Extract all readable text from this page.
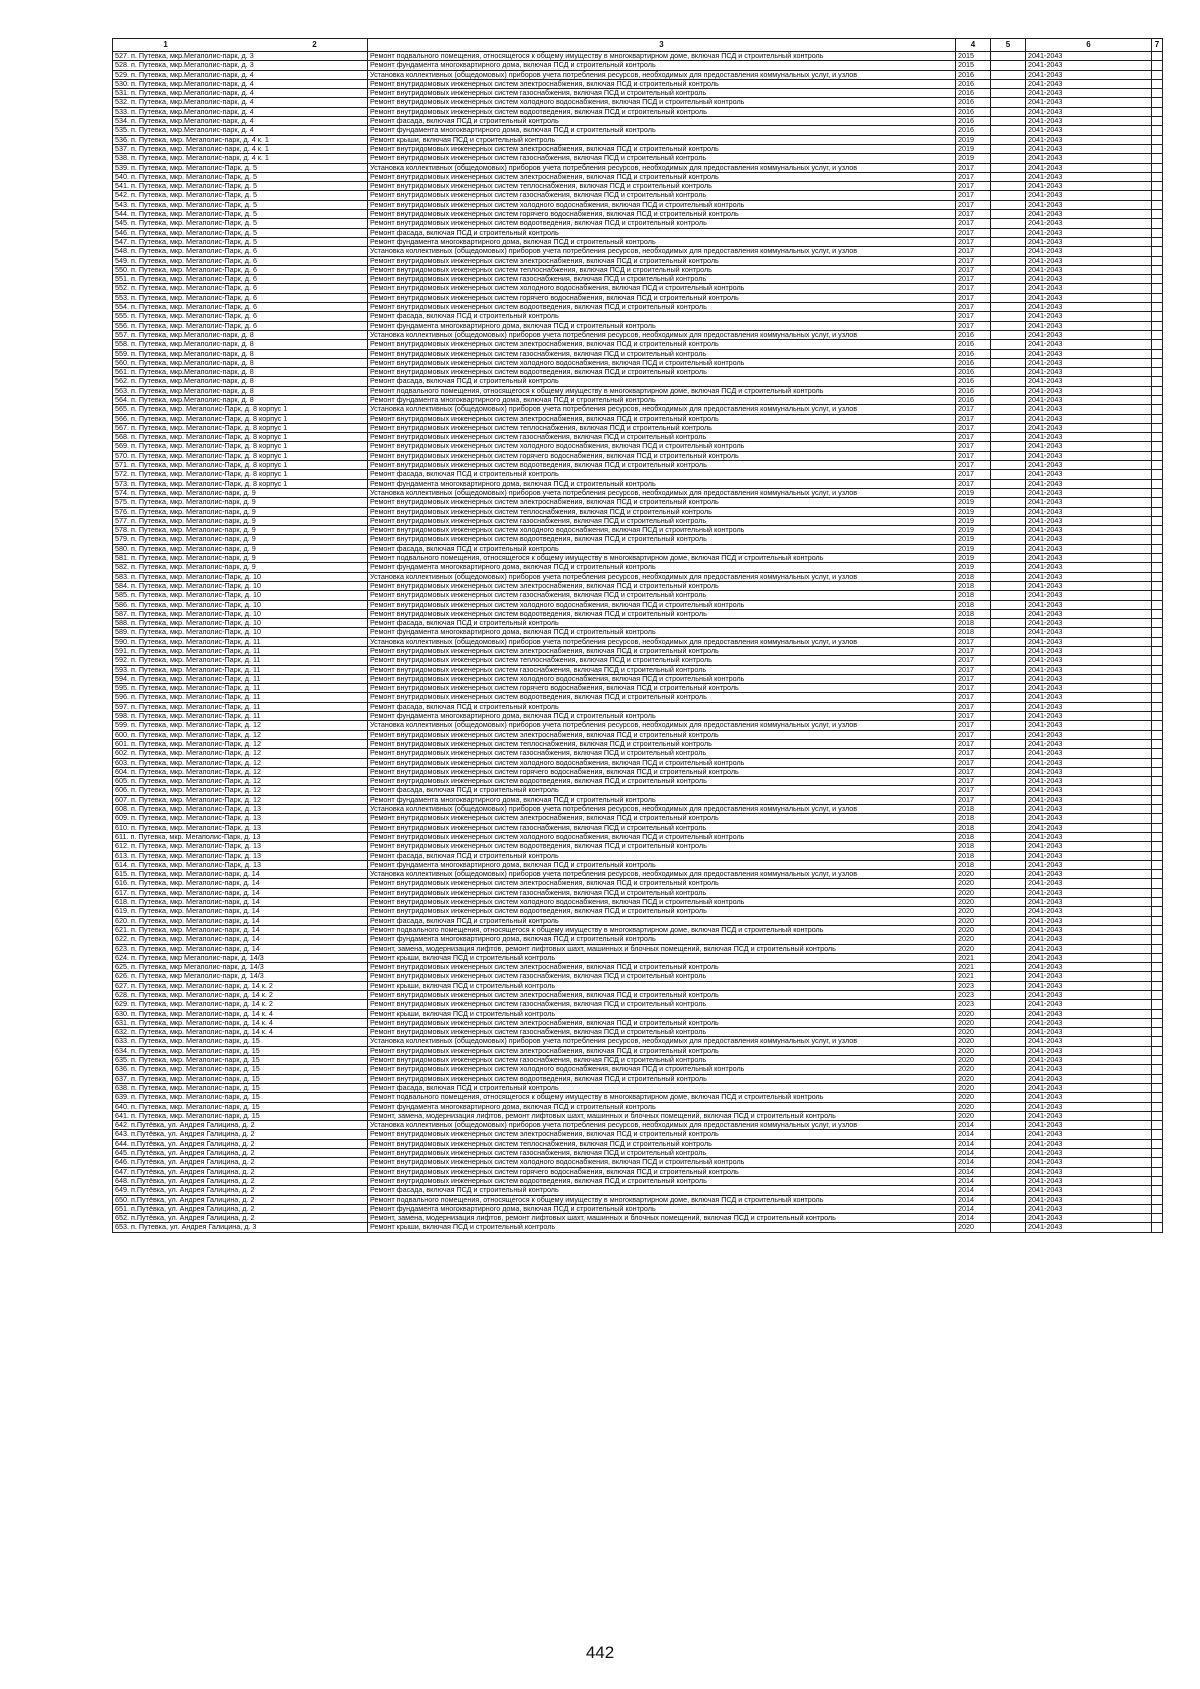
1 2	3	4	5	6	7
527. п. Путевка, мкр.Мегаполис-парк, д. 3	Ремонт подвального помещения, относящегося к общему имуществу в многоквартирном доме, включая ПСД и строительный контроль	2015		2041-2043	
528. п. Путевка, мкр.Мегаполис-парк, д. 3	Ремонт фундамента многоквартирного дома, включая ПСД и строительный контроль	2015		2041-2043	
529. п. Путевка, мкр.Мегаполис-парк, д. 4	Установка коллективных (общедомовых) приборов учета потребления ресурсов, необходимых для предоставления коммунальных услуг, и узлов	2016		2041-2043	
530. п. Путевка, мкр.Мегаполис-парк, д. 4	Ремонт внутридомовых инженерных систем электроснабжения, включая ПСД и строительный контроль	2016		2041-2043	
531. п. Путевка, мкр.Мегаполис-парк, д. 4	Ремонт внутридомовых инженерных систем газоснабжения, включая ПСД и строительный контроль	2016		2041-2043	
532. п. Путевка, мкр.Мегаполис-парк, д. 4	Ремонт внутридомовых инженерных систем холодного водоснабжения, включая ПСД и строительный контроль	2016		2041-2043	
533. п. Путевка, мкр.Мегаполис-парк, д. 4	Ремонт внутридомовых инженерных систем водоотведения, включая ПСД и строительный контроль	2016		2041-2043	
534. п. Путевка, мкр.Мегаполис-парк, д. 4	Ремонт фасада, включая ПСД и строительный контроль	2016		2041-2043	
535. п. Путевка, мкр.Мегаполис-парк, д. 4	Ремонт фундамента многоквартирного дома, включая ПСД и строительный контроль	2016		2041-2043	
536. п. Путевка, мкр. Мегаполис-парк, д. 4 к. 1	Ремонт крыши, включая ПСД и строительный контроль	2019		2041-2043	
537. п. Путевка, мкр. Мегаполис-парк, д. 4 к. 1	Ремонт внутридомовых инженерных систем электроснабжения, включая ПСД и строительный контроль	2019		2041-2043	
538. п. Путевка, мкр. Мегаполис-парк, д. 4 к. 1	Ремонт внутридомовых инженерных систем газоснабжения, включая ПСД и строительный контроль	2019		2041-2043	
539. п. Путевка, мкр. Мегаполис-Парк, д. 5	Установка коллективных (общедомовых) приборов учета потребления ресурсов, необходимых для предоставления коммунальных услуг, и узлов	2017		2041-2043	
540. п. Путевка, мкр. Мегаполис-Парк, д. 5	Ремонт внутридомовых инженерных систем электроснабжения, включая ПСД и строительный контроль	2017		2041-2043	
541. п. Путевка, мкр. Мегаполис-Парк, д. 5	Ремонт внутридомовых инженерных систем теплоснабжения, включая ПСД и строительный контроль	2017		2041-2043	
542. п. Путевка, мкр. Мегаполис-Парк, д. 5	Ремонт внутридомовых инженерных систем газоснабжения, включая ПСД и строительный контроль	2017		2041-2043	
543. п. Путевка, мкр. Мегаполис-Парк, д. 5	Ремонт внутридомовых инженерных систем холодного водоснабжения, включая ПСД и строительный контроль	2017		2041-2043	
544. п. Путевка, мкр. Мегаполис-Парк, д. 5	Ремонт внутридомовых инженерных систем горячего водоснабжения, включая ПСД и строительный контроль	2017		2041-2043	
545. п. Путевка, мкр. Мегаполис-Парк, д. 5	Ремонт внутридомовых инженерных систем водоотведения, включая ПСД и строительный контроль	2017		2041-2043	
546. п. Путевка, мкр. Мегаполис-Парк, д. 5	Ремонт фасада, включая ПСД и строительный контроль	2017		2041-2043	
547. п. Путевка, мкр. Мегаполис-Парк, д. 5	Ремонт фундамента многоквартирного дома, включая ПСД и строительный контроль	2017		2041-2043	
548. п. Путевка, мкр. Мегаполис-Парк, д. 6	Установка коллективных (общедомовых) приборов учета потребления ресурсов, необходимых для предоставления коммунальных услуг, и узлов	2017		2041-2043	
549. п. Путевка, мкр. Мегаполис-Парк, д. 6	Ремонт внутридомовых инженерных систем электроснабжения, включая ПСД и строительный контроль	2017		2041-2043	
550. п. Путевка, мкр. Мегаполис-Парк, д. 6	Ремонт внутридомовых инженерных систем теплоснабжения, включая ПСД и строительный контроль	2017		2041-2043	
551. п. Путевка, мкр. Мегаполис-Парк, д. 6	Ремонт внутридомовых инженерных систем газоснабжения, включая ПСД и строительный контроль	2017		2041-2043	
552. п. Путевка, мкр. Мегаполис-Парк, д. 6	Ремонт внутридомовых инженерных систем холодного водоснабжения, включая ПСД и строительный контроль	2017		2041-2043	
553. п. Путевка, мкр. Мегаполис-Парк, д. 6	Ремонт внутридомовых инженерных систем горячего водоснабжения, включая ПСД и строительный контроль	2017		2041-2043	
554. п. Путевка, мкр. Мегаполис-Парк, д. 6	Ремонт внутридомовых инженерных систем водоотведения, включая ПСД и строительный контроль	2017		2041-2043	
555. п. Путевка, мкр. Мегаполис-Парк, д. 6	Ремонт фасада, включая ПСД и строительный контроль	2017		2041-2043	
556. п. Путевка, мкр. Мегаполис-Парк, д. 6	Ремонт фундамента многоквартирного дома, включая ПСД и строительный контроль	2017		2041-2043	
557. п. Путевка, мкр.Мегаполис-парк, д. 8	Установка коллективных (общедомовых) приборов учета потребления ресурсов, необходимых для предоставления коммунальных услуг, и узлов	2016		2041-2043	
558. п. Путевка, мкр.Мегаполис-парк, д. 8	Ремонт внутридомовых инженерных систем электроснабжения, включая ПСД и строительный контроль	2016		2041-2043	
559. п. Путевка, мкр.Мегаполис-парк, д. 8	Ремонт внутридомовых инженерных систем газоснабжения, включая ПСД и строительный контроль	2016		2041-2043	
560. п. Путевка, мкр.Мегаполис-парк, д. 8	Ремонт внутридомовых инженерных систем холодного водоснабжения, включая ПСД и строительный контроль	2016		2041-2043	
561. п. Путевка, мкр.Мегаполис-парк, д. 8	Ремонт внутридомовых инженерных систем водоотведения, включая ПСД и строительный контроль	2016		2041-2043	
562. п. Путевка, мкр.Мегаполис-парк, д. 8	Ремонт фасада, включая ПСД и строительный контроль	2016		2041-2043	
563. п. Путевка, мкр.Мегаполис-парк, д. 8	Ремонт подвального помещения, относящегося к общему имуществу в многоквартирном доме, включая ПСД и строительный контроль	2016		2041-2043	
564. п. Путевка, мкр.Мегаполис-парк, д. 8	Ремонт фундамента многоквартирного дома, включая ПСД и строительный контроль	2016		2041-2043	
565. п. Путевка, мкр. Мегаполис-Парк, д. 8 корпус 1	Установка коллективных (общедомовых) приборов учета потребления ресурсов, необходимых для предоставления коммунальных услуг, и узлов	2017		2041-2043	
566. п. Путевка, мкр. Мегаполис-Парк, д. 8 корпус 1	Ремонт внутридомовых инженерных систем электроснабжения, включая ПСД и строительный контроль	2017		2041-2043	
567. п. Путевка, мкр. Мегаполис-Парк, д. 8 корпус 1	Ремонт внутридомовых инженерных систем теплоснабжения, включая ПСД и строительный контроль	2017		2041-2043	
568. п. Путевка, мкр. Мегаполис-Парк, д. 8 корпус 1	Ремонт внутридомовых инженерных систем газоснабжения, включая ПСД и строительный контроль	2017		2041-2043	
569. п. Путевка, мкр. Мегаполис-Парк, д. 8 корпус 1	Ремонт внутридомовых инженерных систем холодного водоснабжения, включая ПСД и строительный контроль	2017		2041-2043	
570. п. Путевка, мкр. Мегаполис-Парк, д. 8 корпус 1	Ремонт внутридомовых инженерных систем горячего водоснабжения, включая ПСД и строительный контроль	2017		2041-2043	
571. п. Путевка, мкр. Мегаполис-Парк, д. 8 корпус 1	Ремонт внутридомовых инженерных систем водоотведения, включая ПСД и строительный контроль	2017		2041-2043	
572. п. Путевка, мкр. Мегаполис-Парк, д. 8 корпус 1	Ремонт фасада, включая ПСД и строительный контроль	2017		2041-2043	
573. п. Путевка, мкр. Мегаполис-Парк, д. 8 корпус 1	Ремонт фундамента многоквартирного дома, включая ПСД и строительный контроль	2017		2041-2043	
574. п. Путевка, мкр. Мегаполис-парк, д. 9	Установка коллективных (общедомовых) приборов учета потребления ресурсов, необходимых для предоставления коммунальных услуг, и узлов	2019		2041-2043	
575. п. Путевка, мкр. Мегаполис-парк, д. 9	Ремонт внутридомовых инженерных систем электроснабжения, включая ПСД и строительный контроль	2019		2041-2043	
576. п. Путевка, мкр. Мегаполис-парк, д. 9	Ремонт внутридомовых инженерных систем теплоснабжения, включая ПСД и строительный контроль	2019		2041-2043	
577. п. Путевка, мкр. Мегаполис-парк, д. 9	Ремонт внутридомовых инженерных систем газоснабжения, включая ПСД и строительный контроль	2019		2041-2043	
578. п. Путевка, мкр. Мегаполис-парк, д. 9	Ремонт внутридомовых инженерных систем холодного водоснабжения, включая ПСД и строительный контроль	2019		2041-2043	
579. п. Путевка, мкр. Мегаполис-парк, д. 9	Ремонт внутридомовых инженерных систем водоотведения, включая ПСД и строительный контроль	2019		2041-2043	
580. п. Путевка, мкр. Мегаполис-парк, д. 9	Ремонт фасада, включая ПСД и строительный контроль	2019		2041-2043	
581. п. Путевка, мкр. Мегаполис-парк, д. 9	Ремонт подвального помещения, относящегося к общему имуществу в многоквартирном доме, включая ПСД и строительный контроль	2019		2041-2043	
582. п. Путевка, мкр. Мегаполис-парк, д. 9	Ремонт фундамента многоквартирного дома, включая ПСД и строительный контроль	2019		2041-2043	
583. п. Путевка, мкр. Мегаполис-Парк, д. 10	Установка коллективных (общедомовых) приборов учета потребления ресурсов, необходимых для предоставления коммунальных услуг, и узлов	2018		2041-2043	
584. п. Путевка, мкр. Мегаполис-Парк, д. 10	Ремонт внутридомовых инженерных систем электроснабжения, включая ПСД и строительный контроль	2018		2041-2043	
585. п. Путевка, мкр. Мегаполис-Парк, д. 10	Ремонт внутридомовых инженерных систем газоснабжения, включая ПСД и строительный контроль	2018		2041-2043	
586. п. Путевка, мкр. Мегаполис-Парк, д. 10	Ремонт внутридомовых инженерных систем холодного водоснабжения, включая ПСД и строительный контроль	2018		2041-2043	
587. п. Путевка, мкр. Мегаполис-Парк, д. 10	Ремонт внутридомовых инженерных систем водоотведения, включая ПСД и строительный контроль	2018		2041-2043	
588. п. Путевка, мкр. Мегаполис-Парк, д. 10	Ремонт фасада, включая ПСД и строительный контроль	2018		2041-2043	
589. п. Путевка, мкр. Мегаполис-Парк, д. 10	Ремонт фундамента многоквартирного дома, включая ПСД и строительный контроль	2018		2041-2043	
590. п. Путевка, мкр. Мегаполис-Парк, д. 11	Установка коллективных (общедомовых) приборов учета потребления ресурсов, необходимых для предоставления коммунальных услуг, и узлов	2017		2041-2043	
591. п. Путевка, мкр. Мегаполис-Парк, д. 11	Ремонт внутридомовых инженерных систем электроснабжения, включая ПСД и строительный контроль	2017		2041-2043	
592. п. Путевка, мкр. Мегаполис-Парк, д. 11	Ремонт внутридомовых инженерных систем теплоснабжения, включая ПСД и строительный контроль	2017		2041-2043	
593. п. Путевка, мкр. Мегаполис-Парк, д. 11	Ремонт внутридомовых инженерных систем газоснабжения, включая ПСД и строительный контроль	2017		2041-2043	
594. п. Путевка, мкр. Мегаполис-Парк, д. 11	Ремонт внутридомовых инженерных систем холодного водоснабжения, включая ПСД и строительный контроль	2017		2041-2043	
595. п. Путевка, мкр. Мегаполис-Парк, д. 11	Ремонт внутридомовых инженерных систем горячего водоснабжения, включая ПСД и строительный контроль	2017		2041-2043	
596. п. Путевка, мкр. Мегаполис-Парк, д. 11	Ремонт внутридомовых инженерных систем водоотведения, включая ПСД и строительный контроль	2017		2041-2043	
597. п. Путевка, мкр. Мегаполис-Парк, д. 11	Ремонт фасада, включая ПСД и строительный контроль	2017		2041-2043	
598. п. Путевка, мкр. Мегаполис-Парк, д. 11	Ремонт фундамента многоквартирного дома, включая ПСД и строительный контроль	2017		2041-2043	
599. п. Путевка, мкр. Мегаполис-Парк, д. 12	Установка коллективных (общедомовых) приборов учета потребления ресурсов, необходимых для предоставления коммунальных услуг, и узлов	2017		2041-2043	
600. п. Путевка, мкр. Мегаполис-Парк, д. 12	Ремонт внутридомовых инженерных систем электроснабжения, включая ПСД и строительный контроль	2017		2041-2043	
601. п. Путевка, мкр. Мегаполис-Парк, д. 12	Ремонт внутридомовых инженерных систем теплоснабжения, включая ПСД и строительный контроль	2017		2041-2043	
602. п. Путевка, мкр. Мегаполис-Парк, д. 12	Ремонт внутридомовых инженерных систем газоснабжения, включая ПСД и строительный контроль	2017		2041-2043	
603. п. Путевка, мкр. Мегаполис-Парк, д. 12	Ремонт внутридомовых инженерных систем холодного водоснабжения, включая ПСД и строительный контроль	2017		2041-2043	
604. п. Путевка, мкр. Мегаполис-Парк, д. 12	Ремонт внутридомовых инженерных систем горячего водоснабжения, включая ПСД и строительный контроль	2017		2041-2043	
605. п. Путевка, мкр. Мегаполис-Парк, д. 12	Ремонт внутридомовых инженерных систем водоотведения, включая ПСД и строительный контроль	2017		2041-2043	
606. п. Путевка, мкр. Мегаполис-Парк, д. 12	Ремонт фасада, включая ПСД и строительный контроль	2017		2041-2043	
607. п. Путевка, мкр. Мегаполис-Парк, д. 12	Ремонт фундамента многоквартирного дома, включая ПСД и строительный контроль	2017		2041-2043	
608. п. Путевка, мкр. Мегаполис-Парк, д. 13	Установка коллективных (общедомовых) приборов учета потребления ресурсов, необходимых для предоставления коммунальных услуг, и узлов	2018		2041-2043	
609. п. Путевка, мкр. Мегаполис-Парк, д. 13	Ремонт внутридомовых инженерных систем электроснабжения, включая ПСД и строительный контроль	2018		2041-2043	
610. п. Путевка, мкр. Мегаполис-Парк, д. 13	Ремонт внутридомовых инженерных систем газоснабжения, включая ПСД и строительный контроль	2018		2041-2043	
611. п. Путевка, мкр. Мегаполис-Парк, д. 13	Ремонт внутридомовых инженерных систем холодного водоснабжения, включая ПСД и строительный контроль	2018		2041-2043	
612. п. Путевка, мкр. Мегаполис-Парк, д. 13	Ремонт внутридомовых инженерных систем водоотведения, включая ПСД и строительный контроль	2018		2041-2043	
613. п. Путевка, мкр. Мегаполис-Парк, д. 13	Ремонт фасада, включая ПСД и строительный контроль	2018		2041-2043	
614. п. Путевка, мкр. Мегаполис-Парк, д. 13	Ремонт фундамента многоквартирного дома, включая ПСД и строительный контроль	2018		2041-2043	
615. п. Путевка, мкр. Мегаполис-парк, д. 14	Установка коллективных (общедомовых) приборов учета потребления ресурсов, необходимых для предоставления коммунальных услуг, и узлов	2020		2041-2043	
616. п. Путевка, мкр. Мегаполис-парк, д. 14	Ремонт внутридомовых инженерных систем электроснабжения, включая ПСД и строительный контроль	2020		2041-2043	
617. п. Путевка, мкр. Мегаполис-парк, д. 14	Ремонт внутридомовых инженерных систем газоснабжения, включая ПСД и строительный контроль	2020		2041-2043	
618. п. Путевка, мкр. Мегаполис-парк, д. 14	Ремонт внутридомовых инженерных систем холодного водоснабжения, включая ПСД и строительный контроль	2020		2041-2043	
619. п. Путевка, мкр. Мегаполис-парк, д. 14	Ремонт внутридомовых инженерных систем водоотведения, включая ПСД и строительный контроль	2020		2041-2043	
620. п. Путевка, мкр. Мегаполис-парк, д. 14	Ремонт фасада, включая ПСД и строительный контроль	2020		2041-2043	
621. п. Путевка, мкр. Мегаполис-парк, д. 14	Ремонт подвального помещения, относящегося к общему имуществу в многоквартирном доме, включая ПСД и строительный контроль	2020		2041-2043	
622. п. Путевка, мкр. Мегаполис-парк, д. 14	Ремонт фундамента многоквартирного дома, включая ПСД и строительный контроль	2020		2041-2043	
623. п. Путевка, мкр. Мегаполис-парк, д. 14	Ремонт, замена, модернизация лифтов, ремонт лифтовых шахт, машинных и блочных помещений, включая ПСД и строительный контроль	2020		2041-2043	
624. п. Путевка, мкр Мегаполис-парк, д. 14/3	Ремонт крыши, включая ПСД и строительный контроль	2021		2041-2043	
625. п. Путевка, мкр Мегаполис-парк, д. 14/3	Ремонт внутридомовых инженерных систем электроснабжения, включая ПСД и строительный контроль	2021		2041-2043	
626. п. Путевка, мкр Мегаполис-парк, д. 14/3	Ремонт внутридомовых инженерных систем газоснабжения, включая ПСД и строительный контроль	2021		2041-2043	
627. п. Путевка, мкр. Мегаполис-парк, д. 14 к. 2	Ремонт крыши, включая ПСД и строительный контроль	2023		2041-2043	
628. п. Путевка, мкр. Мегаполис-парк, д. 14 к. 2	Ремонт внутридомовых инженерных систем электроснабжения, включая ПСД и строительный контроль	2023		2041-2043	
629. п. Путевка, мкр. Мегаполис-парк, д. 14 к. 2	Ремонт внутридомовых инженерных систем газоснабжения, включая ПСД и строительный контроль	2023		2041-2043	
630. п. Путевка, мкр. Мегаполис-парк, д. 14 к. 4	Ремонт крыши, включая ПСД и строительный контроль	2020		2041-2043	
631. п. Путевка, мкр. Мегаполис-парк, д. 14 к. 4	Ремонт внутридомовых инженерных систем электроснабжения, включая ПСД и строительный контроль	2020		2041-2043	
632. п. Путевка, мкр. Мегаполис-парк, д. 14 к. 4	Ремонт внутридомовых инженерных систем газоснабжения, включая ПСД и строительный контроль	2020		2041-2043	
633. п. Путевка, мкр. Мегаполис-парк, д. 15	Установка коллективных (общедомовых) приборов учета потребления ресурсов, необходимых для предоставления коммунальных услуг, и узлов	2020		2041-2043	
634. п. Путевка, мкр. Мегаполис-парк, д. 15	Ремонт внутридомовых инженерных систем электроснабжения, включая ПСД и строительный контроль	2020		2041-2043	
635. п. Путевка, мкр. Мегаполис-парк, д. 15	Ремонт внутридомовых инженерных систем газоснабжения, включая ПСД и строительный контроль	2020		2041-2043	
636. п. Путевка, мкр. Мегаполис-парк, д. 15	Ремонт внутридомовых инженерных систем холодного водоснабжения, включая ПСД и строительный контроль	2020		2041-2043	
637. п. Путевка, мкр. Мегаполис-парк, д. 15	Ремонт внутридомовых инженерных систем водоотведения, включая ПСД и строительный контроль	2020		2041-2043	
638. п. Путевка, мкр. Мегаполис-парк, д. 15	Ремонт фасада, включая ПСД и строительный контроль	2020		2041-2043	
639. п. Путевка, мкр. Мегаполис-парк, д. 15	Ремонт подвального помещения, относящегося к общему имуществу в многоквартирном доме, включая ПСД и строительный контроль	2020		2041-2043	
640. п. Путевка, мкр. Мегаполис-парк, д. 15	Ремонт фундамента многоквартирного дома, включая ПСД и строительный контроль	2020		2041-2043	
641. п. Путевка, мкр. Мегаполис-парк, д. 15	Ремонт, замена, модернизация лифтов, ремонт лифтовых шахт, машинных и блочных помещений, включая ПСД и строительный контроль	2020		2041-2043	
642. п.Путёвка, ул. Андрея Галицина, д. 2	Установка коллективных (общедомовых) приборов учета потребления ресурсов, необходимых для предоставления коммунальных услуг, и узлов	2014		2041-2043	
643. п.Путёвка, ул. Андрея Галицина, д. 2	Ремонт внутридомовых инженерных систем электроснабжения, включая ПСД и строительный контроль	2014		2041-2043	
644. п.Путёвка, ул. Андрея Галицина, д. 2	Ремонт внутридомовых инженерных систем теплоснабжения, включая ПСД и строительный контроль	2014		2041-2043	
645. п.Путёвка, ул. Андрея Галицина, д. 2	Ремонт внутридомовых инженерных систем газоснабжения, включая ПСД и строительный контроль	2014		2041-2043	
646. п.Путёвка, ул. Андрея Галицина, д. 2	Ремонт внутридомовых инженерных систем холодного водоснабжения, включая ПСД и строительный контроль	2014		2041-2043	
647. п.Путёвка, ул. Андрея Галицина, д. 2	Ремонт внутридомовых инженерных систем горячего водоснабжения, включая ПСД и строительный контроль	2014		2041-2043	
648. п.Путёвка, ул. Андрея Галицина, д. 2	Ремонт внутридомовых инженерных систем водоотведения, включая ПСД и строительный контроль	2014		2041-2043	
649. п.Путёвка, ул. Андрея Галицина, д. 2	Ремонт фасада, включая ПСД и строительный контроль	2014		2041-2043	
650. п.Путёвка, ул. Андрея Галицина, д. 2	Ремонт подвального помещения, относящегося к общему имуществу в многоквартирном доме, включая ПСД и строительный контроль	2014		2041-2043	
651. п.Путёвка, ул. Андрея Галицина, д. 2	Ремонт фундамента многоквартирного дома, включая ПСД и строительный контроль	2014		2041-2043	
652. п.Путёвка, ул. Андрея Галицина, д. 2	Ремонт, замена, модернизация лифтов, ремонт лифтовых шахт, машинных и блочных помещений, включая ПСД и строительный контроль	2014		2041-2043	
653. п. Путевка, ул. Андрея Галицина, д. 3	Ремонт крыши, включая ПСД и строительный контроль	2020		2041-2043	
442
